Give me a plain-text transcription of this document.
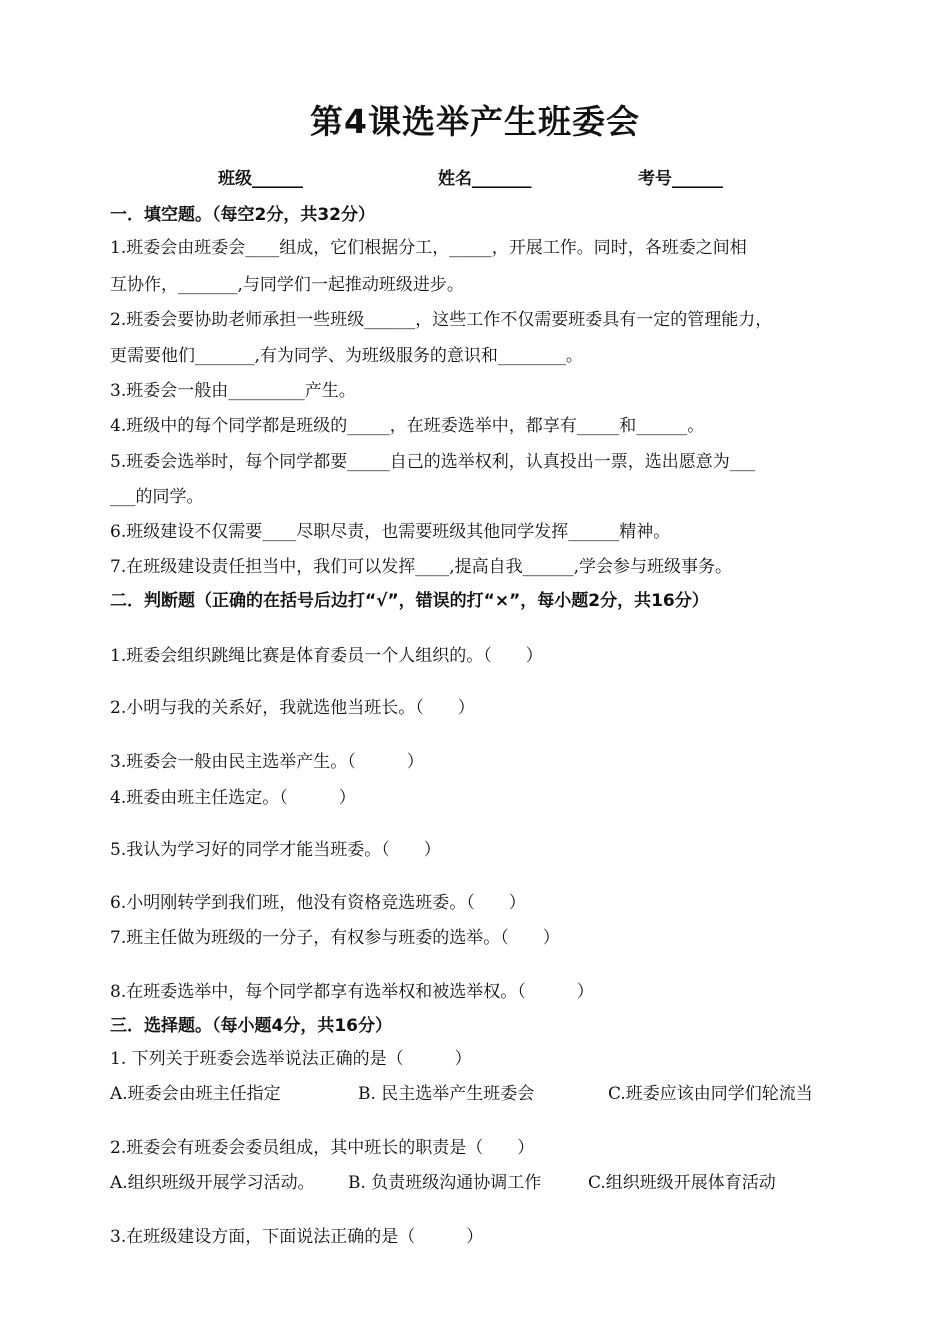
第4课选举产生班委会
班级______	姓名_______	考号______
一．填空题。（每空2分，共32分）
1.班委会由班委会____组成，它们根据分工，_____，开展工作。同时，各班委之间相
互协作，_______,与同学们一起推动班级进步。
2.班委会要协助老师承担一些班级______，这些工作不仅需要班委具有一定的管理能力，
更需要他们_______,有为同学、为班级服务的意识和________。
3.班委会一般由_________产生。
4.班级中的每个同学都是班级的_____，在班委选举中，都享有_____和______。
5.班委会选举时，每个同学都要_____自己的选举权利，认真投出一票，选出愿意为___
___的同学。
6.班级建设不仅需要____尽职尽责，也需要班级其他同学发挥______精神。
7.在班级建设责任担当中，我们可以发挥____,提高自我______,学会参与班级事务。
二．判断题（正确的在括号后边打“√”，错误的打“×”，每小题2分，共16分）
1.班委会组织跳绳比赛是体育委员一个人组织的。（　　）
2.小明与我的关系好，我就选他当班长。（　　）
3.班委会一般由民主选举产生。（　　　）
4.班委由班主任选定。（　　　）
5.我认为学习好的同学才能当班委。（　　）
6.小明刚转学到我们班，他没有资格竞选班委。（　　）
7.班主任做为班级的一分子，有权参与班委的选举。（　　）
8.在班委选举中，每个同学都享有选举权和被选举权。（　　　）
三．选择题。（每小题4分，共16分）
1. 下列关于班委会选举说法正确的是（　　　）
A.班委会由班主任指定	B. 民主选举产生班委会	C.班委应该由同学们轮流当
2.班委会有班委会委员组成，其中班长的职责是（　　）
A.组织班级开展学习活动。 B. 负责班级沟通协调工作	C.组织班级开展体育活动
3.在班级建设方面，下面说法正确的是（　　　）
